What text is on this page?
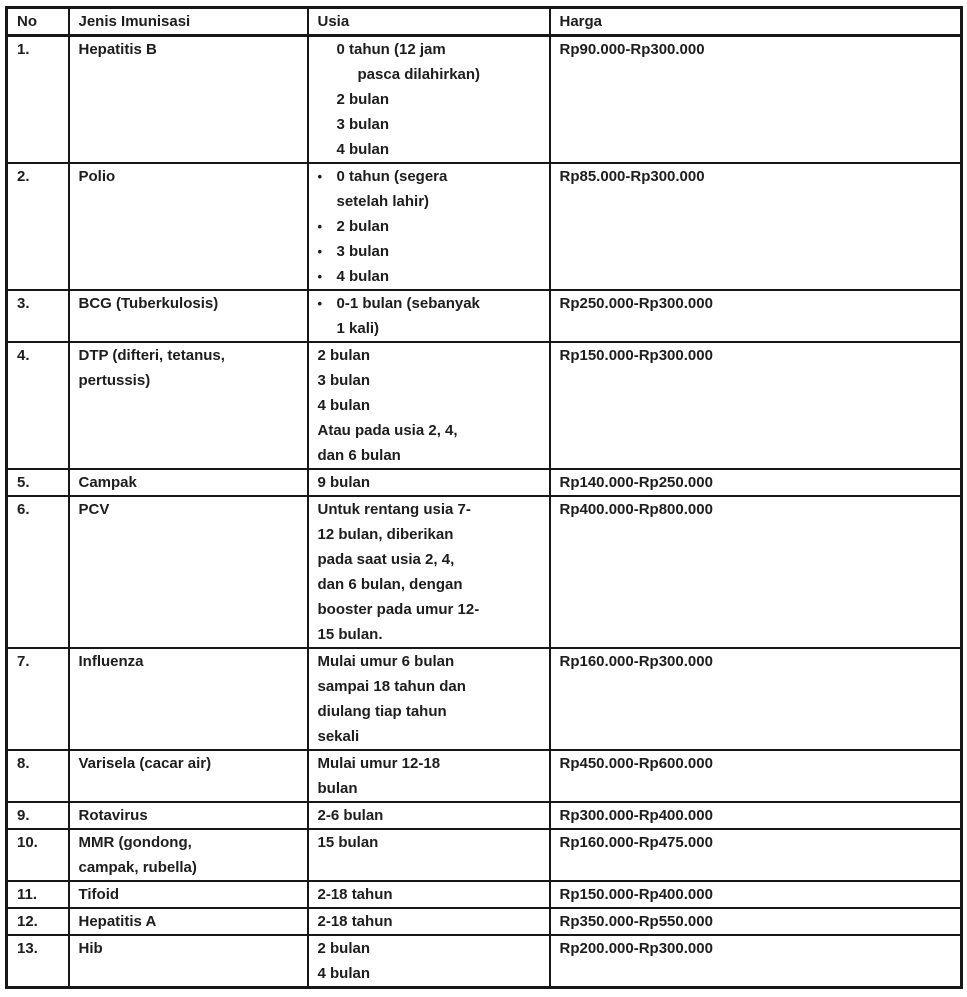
No	Jenis Imunisasi	Usia	Harga
1.	Hepatitis B	0 tahun (12 jam
pasca dilahirkan)
2 bulan
3 bulan
4 bulan	Rp90.000-Rp300.000
2.	Polio	• 0 tahun (segera
setelah lahir)
• 2 bulan
• 3 bulan
• 4 bulan
	Rp85.000-Rp300.000
3.	BCG (Tuberkulosis)	• 0-1 bulan (sebanyak
1 kali)	Rp250.000-Rp300.000
4.	DTP (difteri, tetanus,
pertussis)

2 bulan
3 bulan
4 bulan
Atau pada usia 2, 4,
dan 6 bulan
	Rp150.000-Rp300.000
5.	Campak	9 bulan	Rp140.000-Rp250.000
6.	PCV	Untuk rentang usia 7-
12 bulan, diberikan
pada saat usia 2, 4,
dan 6 bulan, dengan
booster pada umur 12-
15 bulan.
	Rp400.000-Rp800.000
7.	Influenza	Mulai umur 6 bulan
sampai 18 tahun dan
diulang tiap tahun
sekali	Rp160.000-Rp300.000
8.	Varisela (cacar air)	Mulai umur 12-18
bulan	Rp450.000-Rp600.000
9.	Rotavirus	2-6 bulan	Rp300.000-Rp400.000
10.	MMR (gondong,
campak, rubella)	15 bulan	Rp160.000-Rp475.000
11.	Tifoid	2-18 tahun	Rp150.000-Rp400.000
12.	Hepatitis A	2-18 tahun	Rp350.000-Rp550.000
13.	Hib	2 bulan
4 bulan	Rp200.000-Rp300.000
